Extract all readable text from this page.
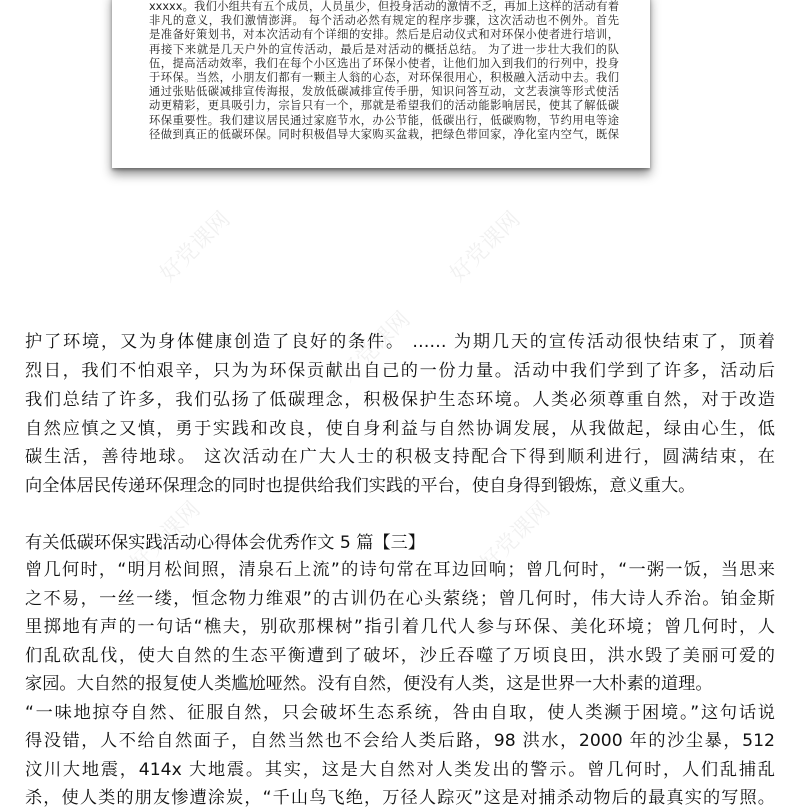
xxxxx。我们小组共有五个成员，人员虽少，但投身活动的激情不乏，再加上这样的活动有着
非凡的意义，我们激情澎湃。 每个活动必然有规定的程序步骤，这次活动也不例外。首先
是准备好策划书，对本次活动有个详细的安排。然后是启动仪式和对环保小使者进行培训，
再接下来就是几天户外的宣传活动，最后是对活动的概括总结。 为了进一步壮大我们的队
伍，提高活动效率，我们在每个小区选出了环保小使者，让他们加入到我们的行列中，投身
于环保。当然，小朋友们都有一颗主人翁的心态，对环保很用心，积极融入活动中去。我们
通过张贴低碳减排宣传海报，发放低碳减排宣传手册，知识问答互动，文艺表演等形式使活
动更精彩，更具吸引力，宗旨只有一个，那就是希望我们的活动能影响居民，使其了解低碳
环保重要性。我们建议居民通过家庭节水，办公节能，低碳出行，低碳购物，节约用电等途
径做到真正的低碳环保。同时积极倡导大家购买盆栽，把绿色带回家，净化室内空气，既保
护了环境，又为身体健康创造了良好的条件。 …… 为期几天的宣传活动很快结束了，顶着
烈日，我们不怕艰辛，只为为环保贡献出自己的一份力量。活动中我们学到了许多，活动后
我们总结了许多，我们弘扬了低碳理念，积极保护生态环境。人类必须尊重自然，对于改造
自然应慎之又慎，勇于实践和改良，使自身利益与自然协调发展，从我做起，绿由心生，低
碳生活，善待地球。 这次活动在广大人士的积极支持配合下得到顺利进行，圆满结束，在
向全体居民传递环保理念的同时也提供给我们实践的平台，使自身得到锻炼，意义重大。
有关低碳环保实践活动心得体会优秀作文 5 篇【三】
曾几何时，“明月松间照，清泉石上流”的诗句常在耳边回响；曾几何时，“一粥一饭，当思来
之不易，一丝一缕，恒念物力维艰”的古训仍在心头萦绕；曾几何时，伟大诗人乔治。铂金斯
里掷地有声的一句话“樵夫，别砍那棵树”指引着几代人参与环保、美化环境；曾几何时，人
们乱砍乱伐，使大自然的生态平衡遭到了破坏，沙丘吞噬了万顷良田，洪水毁了美丽可爱的
家园。大自然的报复使人类尴尬哑然。没有自然，便没有人类，这是世界一大朴素的道理。
“一味地掠夺自然、征服自然，只会破坏生态系统，咎由自取，使人类濒于困境。”这句话说
得没错，人不给自然面子，自然当然也不会给人类后路，98 洪水，2000 年的沙尘暴，512
汶川大地震，414x 大地震。其实，这是大自然对人类发出的警示。曾几何时，人们乱捕乱
杀，使人类的朋友惨遭涂炭，“千山鸟飞绝，万径人踪灭”这是对捕杀动物后的最真实的写照。
好党课网	好党课网
好党课网
好党课网	好党课网
